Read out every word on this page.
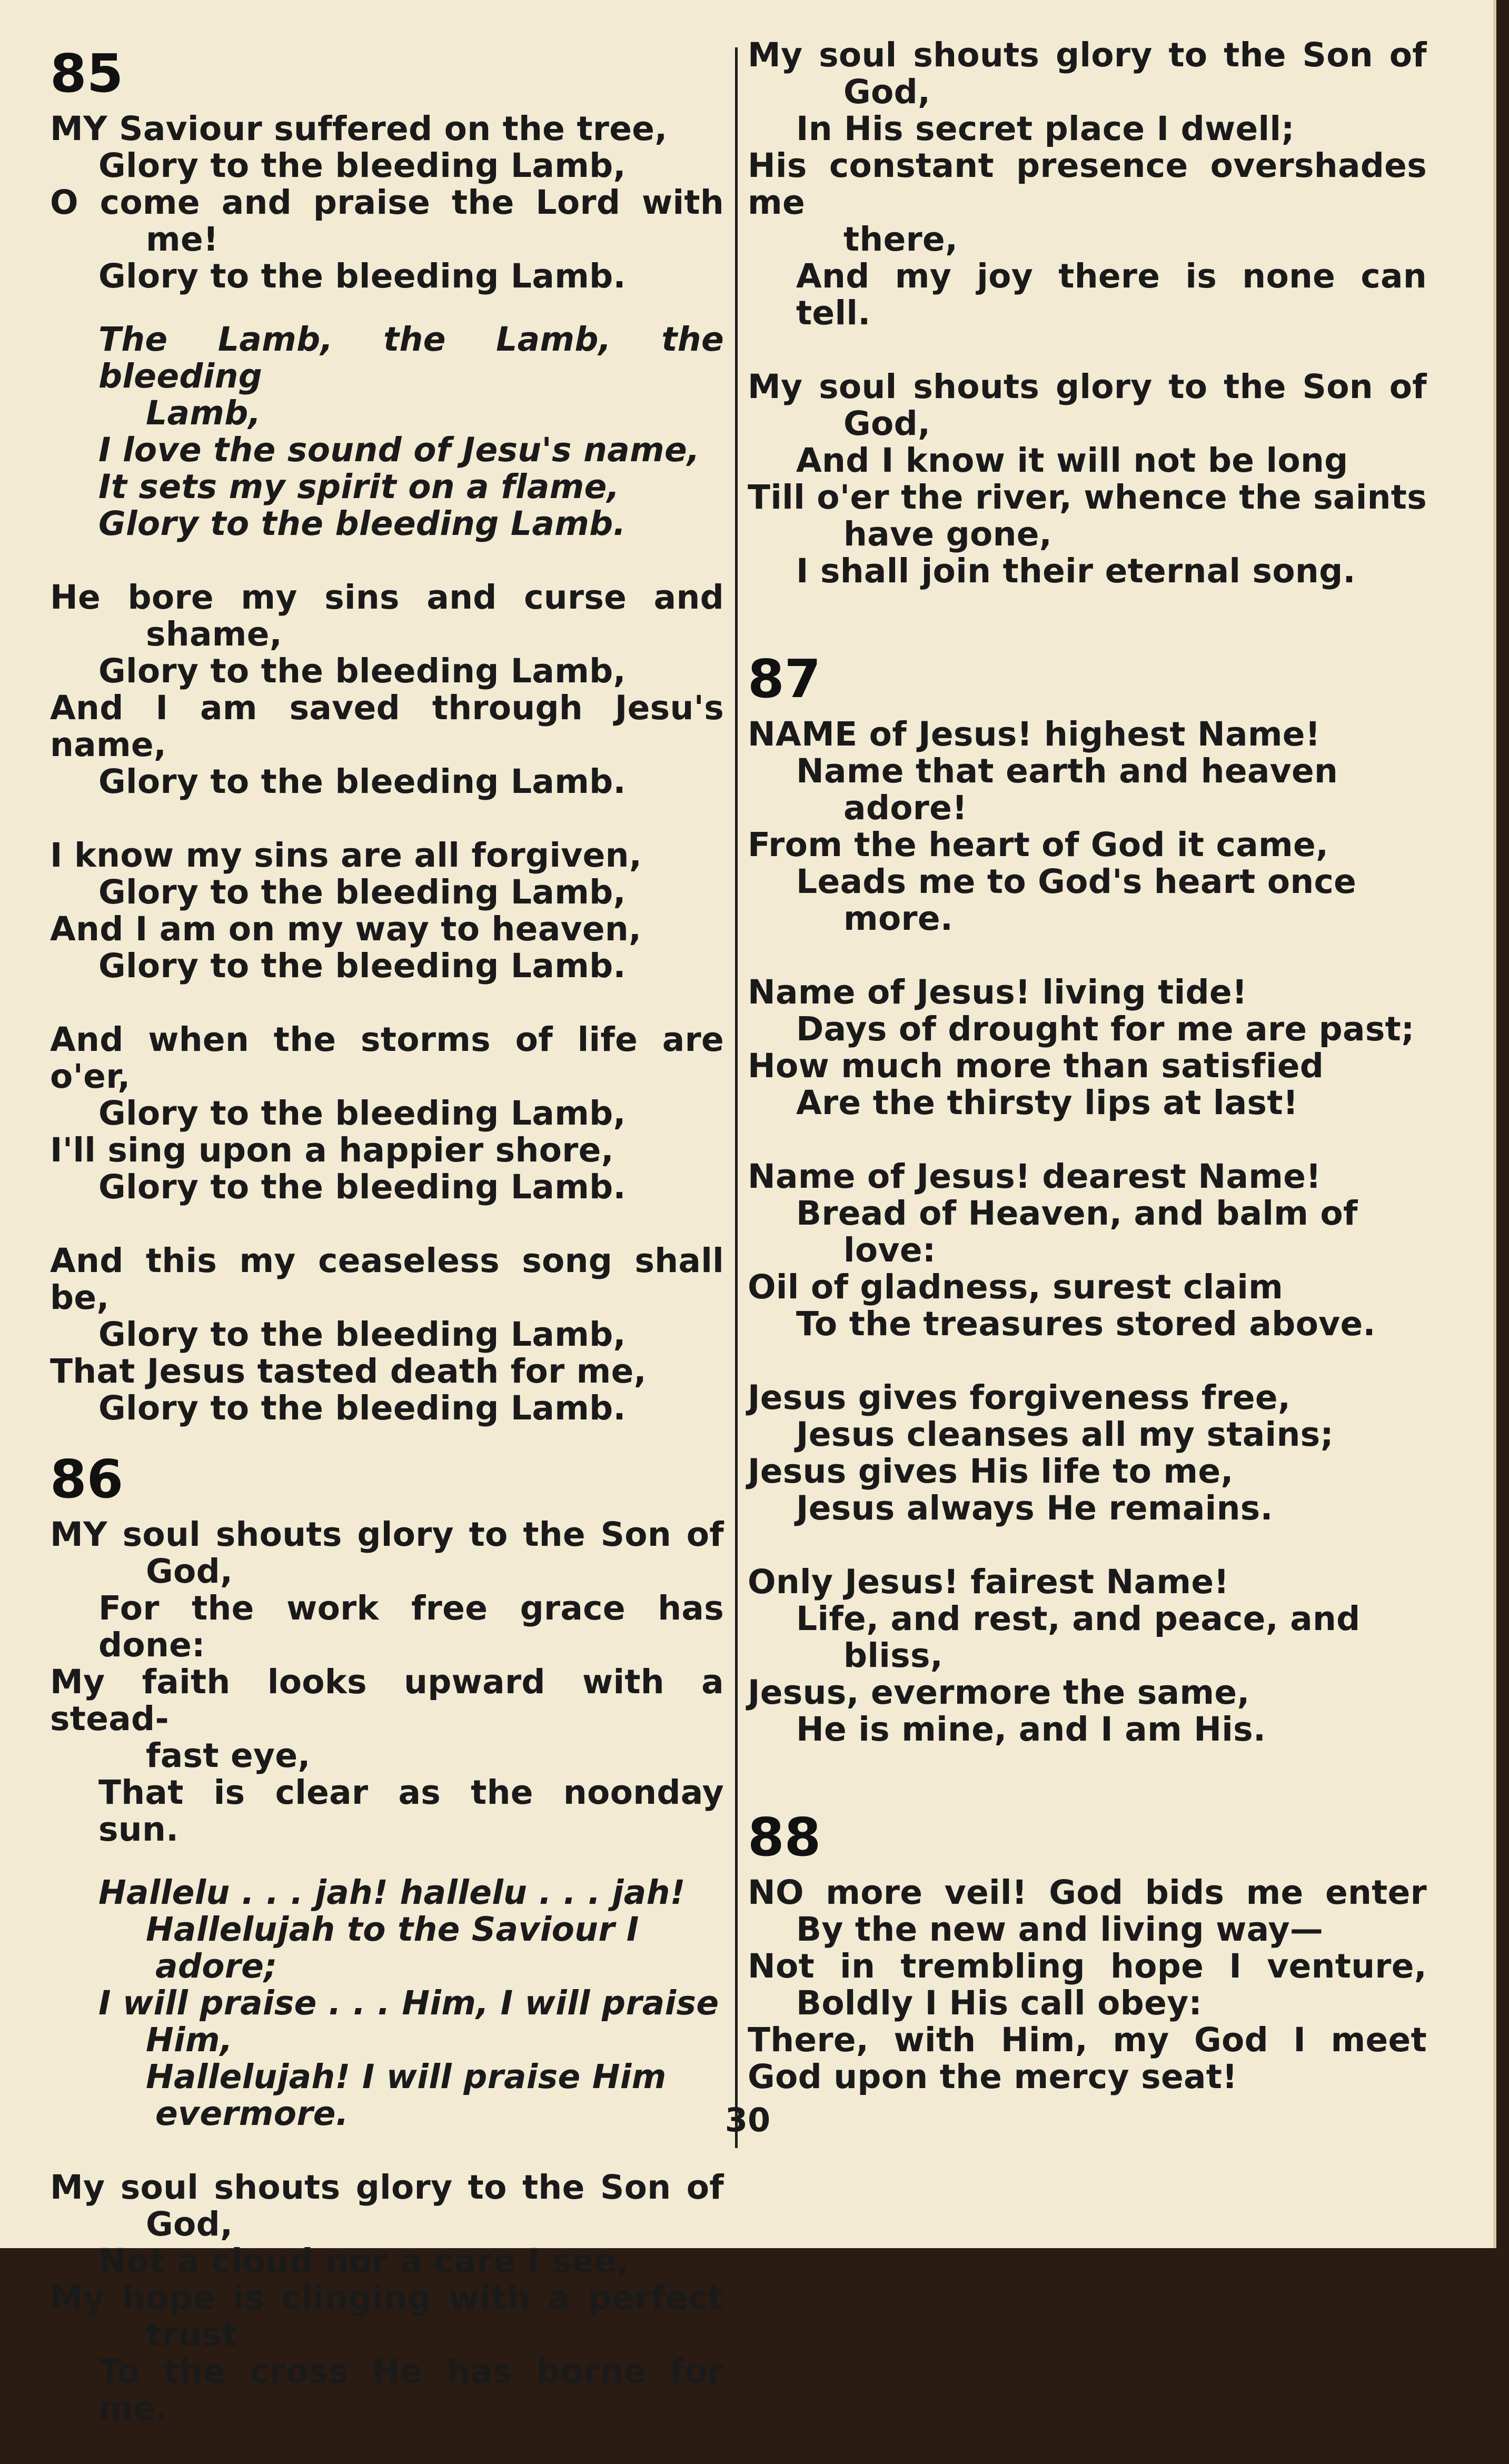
85
MY Saviour suffered on the tree,
Glory to the bleeding Lamb,
O come and praise the Lord with
me!
Glory to the bleeding Lamb.
The Lamb, the Lamb, the bleeding
Lamb,
I love the sound of Jesu's name,
It sets my spirit on a flame,
Glory to the bleeding Lamb.
He bore my sins and curse and
shame,
Glory to the bleeding Lamb,
And I am saved through Jesu's name,
Glory to the bleeding Lamb.
I know my sins are all forgiven,
Glory to the bleeding Lamb,
And I am on my way to heaven,
Glory to the bleeding Lamb.
And when the storms of life are o'er,
Glory to the bleeding Lamb,
I'll sing upon a happier shore,
Glory to the bleeding Lamb.
And this my ceaseless song shall be,
Glory to the bleeding Lamb,
That Jesus tasted death for me,
Glory to the bleeding Lamb.
86
MY soul shouts glory to the Son of
God,
For the work free grace has done:
My faith looks upward with a stead-
fast eye,
That is clear as the noonday sun.
Hallelu . . . jah! hallelu . . . jah!
Hallelujah to the Saviour I
adore;
I will praise . . . Him, I will praise
Him,
Hallelujah! I will praise Him
evermore.
My soul shouts glory to the Son of
God,
Not a cloud nor a care I see,
My hope is clinging with a perfect
trust
To the cross He has borne for me.
My soul shouts glory to the Son of
God,
In His secret place I dwell;
His constant presence overshades me
there,
And my joy there is none can tell.
My soul shouts glory to the Son of
God,
And I know it will not be long
Till o'er the river, whence the saints
have gone,
I shall join their eternal song.
87
NAME of Jesus! highest Name!
Name that earth and heaven
adore!
From the heart of God it came,
Leads me to God's heart once
more.
Name of Jesus! living tide!
Days of drought for me are past;
How much more than satisfied
Are the thirsty lips at last!
Name of Jesus! dearest Name!
Bread of Heaven, and balm of
love:
Oil of gladness, surest claim
To the treasures stored above.
Jesus gives forgiveness free,
Jesus cleanses all my stains;
Jesus gives His life to me,
Jesus always He remains.
Only Jesus! fairest Name!
Life, and rest, and peace, and
bliss,
Jesus, evermore the same,
He is mine, and I am His.
88
NO more veil! God bids me enter
By the new and living way—
Not in trembling hope I venture,
Boldly I His call obey:
There, with Him, my God I meet
God upon the mercy seat!
30
